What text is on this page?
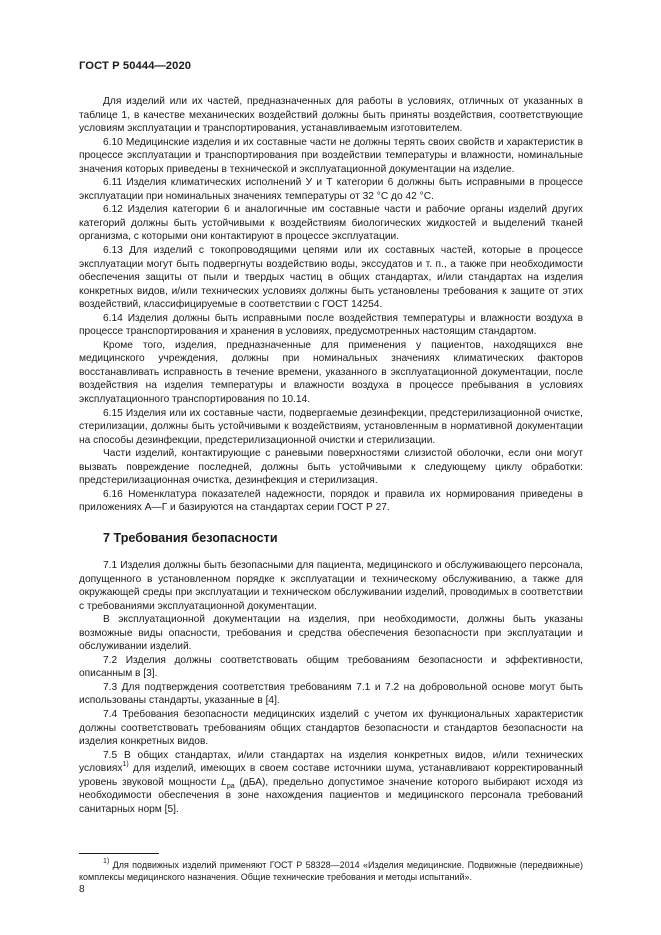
ГОСТ Р 50444—2020

Для изделий или их частей, предназначенных для работы в условиях, отличных от указанных в таблице 1, в качестве механических воздействий должны быть приняты воздействия, соответствующие условиям эксплуатации и транспортирования, устанавливаемым изготовителем.

6.10 Медицинские изделия и их составные части не должны терять своих свойств и характеристик в процессе эксплуатации и транспортирования при воздействии температуры и влажности, номинальные значения которых приведены в технической и эксплуатационной документации на изделие.

6.11 Изделия климатических исполнений У и Т категории 6 должны быть исправными в процессе эксплуатации при номинальных значениях температуры от 32 °С до 42 °С.

6.12 Изделия категории 6 и аналогичные им составные части и рабочие органы изделий других категорий должны быть устойчивыми к воздействиям биологических жидкостей и выделений тканей организма, с которыми они контактируют в процессе эксплуатации.

6.13 Для изделий с токопроводящими цепями или их составных частей, которые в процессе эксплуатации могут быть подвергнуты воздействию воды, экссудатов и т. п., а также при необходимости обеспечения защиты от пыли и твердых частиц в общих стандартах, и/или стандартах на изделия конкретных видов, и/или технических условиях должны быть установлены требования к защите от этих воздействий, классифицируемые в соответствии с ГОСТ 14254.

6.14 Изделия должны быть исправными после воздействия температуры и влажности воздуха в процессе транспортирования и хранения в условиях, предусмотренных настоящим стандартом.

Кроме того, изделия, предназначенные для применения у пациентов, находящихся вне медицинского учреждения, должны при номинальных значениях климатических факторов восстанавливать исправность в течение времени, указанного в эксплуатационной документации, после воздействия на изделия температуры и влажности воздуха в процессе пребывания в условиях эксплуатационного транспортирования по 10.14.

6.15 Изделия или их составные части, подвергаемые дезинфекции, предстерилизационной очистке, стерилизации, должны быть устойчивыми к воздействиям, установленным в нормативной документации на способы дезинфекции, предстерилизационной очистки и стерилизации.

Части изделий, контактирующие с раневыми поверхностями слизистой оболочки, если они могут вызвать повреждение последней, должны быть устойчивыми к следующему циклу обработки: предстерилизационная очистка, дезинфекция и стерилизация.

6.16 Номенклатура показателей надежности, порядок и правила их нормирования приведены в приложениях А—Г и базируются на стандартах серии ГОСТ Р 27.

7 Требования безопасности

7.1 Изделия должны быть безопасными для пациента, медицинского и обслуживающего персонала, допущенного в установленном порядке к эксплуатации и техническому обслуживанию, а также для окружающей среды при эксплуатации и техническом обслуживании изделий, проводимых в соответствии с требованиями эксплуатационной документации.

В эксплуатационной документации на изделия, при необходимости, должны быть указаны возможные виды опасности, требования и средства обеспечения безопасности при эксплуатации и обслуживании изделий.

7.2 Изделия должны соответствовать общим требованиям безопасности и эффективности, описанным в [3].

7.3 Для подтверждения соответствия требованиям 7.1 и 7.2 на добровольной основе могут быть использованы стандарты, указанные в [4].

7.4 Требования безопасности медицинских изделий с учетом их функциональных характеристик должны соответствовать требованиям общих стандартов безопасности и стандартов безопасности на изделия конкретных видов.

7.5 В общих стандартах, и/или стандартах на изделия конкретных видов, и/или технических условиях$^{1)}$ для изделий, имеющих в своем составе источники шума, устанавливают корректированный уровень звуковой мощности $L_{pa}$ (дБА), предельно допустимое значение которого выбирают исходя из необходимости обеспечения в зоне нахождения пациентов и медицинского персонала требований санитарных норм [5].

$^{1)}$ Для подвижных изделий применяют ГОСТ Р 58328—2014 «Изделия медицинские. Подвижные (передвижные) комплексы медицинского назначения. Общие технические требования и методы испытаний».

8
